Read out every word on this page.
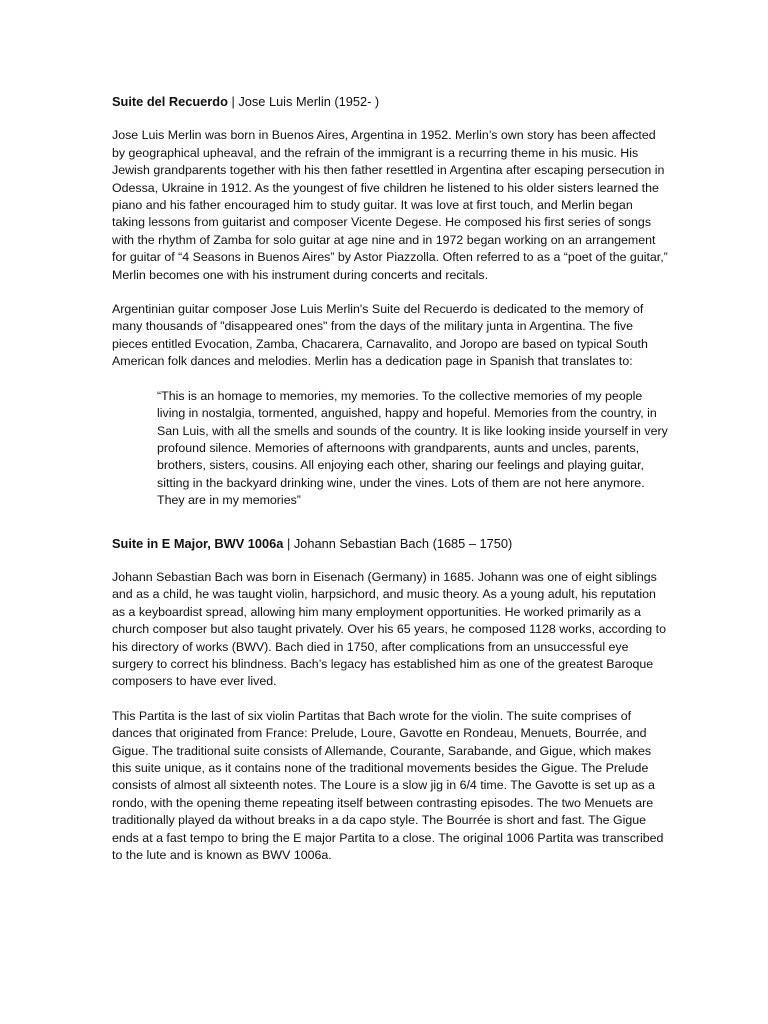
Suite del Recuerdo | Jose Luis Merlin (1952- )

Jose Luis Merlin was born in Buenos Aires, Argentina in 1952. Merlin’s own story has been affected by geographical upheaval, and the refrain of the immigrant is a recurring theme in his music. His Jewish grandparents together with his then father resettled in Argentina after escaping persecution in Odessa, Ukraine in 1912. As the youngest of five children he listened to his older sisters learned the piano and his father encouraged him to study guitar. It was love at first touch, and Merlin began taking lessons from guitarist and composer Vicente Degese. He composed his first series of songs with the rhythm of Zamba for solo guitar at age nine and in 1972 began working on an arrangement for guitar of “4 Seasons in Buenos Aires” by Astor Piazzolla. Often referred to as a “poet of the guitar,” Merlin becomes one with his instrument during concerts and recitals.

Argentinian guitar composer Jose Luis Merlin's Suite del Recuerdo is dedicated to the memory of many thousands of "disappeared ones" from the days of the military junta in Argentina. The five pieces entitled Evocation, Zamba, Chacarera, Carnavalito, and Joropo are based on typical South American folk dances and melodies. Merlin has a dedication page in Spanish that translates to:

“This is an homage to memories, my memories. To the collective memories of my people living in nostalgia, tormented, anguished, happy and hopeful. Memories from the country, in San Luis, with all the smells and sounds of the country. It is like looking inside yourself in very profound silence. Memories of afternoons with grandparents, aunts and uncles, parents, brothers, sisters, cousins. All enjoying each other, sharing our feelings and playing guitar, sitting in the backyard drinking wine, under the vines. Lots of them are not here anymore. They are in my memories”
Suite in E Major, BWV 1006a | Johann Sebastian Bach (1685 – 1750)

Johann Sebastian Bach was born in Eisenach (Germany) in 1685. Johann was one of eight siblings and as a child, he was taught violin, harpsichord, and music theory. As a young adult, his reputation as a keyboardist spread, allowing him many employment opportunities. He worked primarily as a church composer but also taught privately. Over his 65 years, he composed 1128 works, according to his directory of works (BWV). Bach died in 1750, after complications from an unsuccessful eye surgery to correct his blindness. Bach’s legacy has established him as one of the greatest Baroque composers to have ever lived.

This Partita is the last of six violin Partitas that Bach wrote for the violin. The suite comprises of dances that originated from France: Prelude, Loure, Gavotte en Rondeau, Menuets, Bourrée, and Gigue. The traditional suite consists of Allemande, Courante, Sarabande, and Gigue, which makes this suite unique, as it contains none of the traditional movements besides the Gigue. The Prelude consists of almost all sixteenth notes. The Loure is a slow jig in 6/4 time. The Gavotte is set up as a rondo, with the opening theme repeating itself between contrasting episodes. The two Menuets are traditionally played da without breaks in a da capo style. The Bourrée is short and fast. The Gigue ends at a fast tempo to bring the E major Partita to a close. The original 1006 Partita was transcribed to the lute and is known as BWV 1006a.
